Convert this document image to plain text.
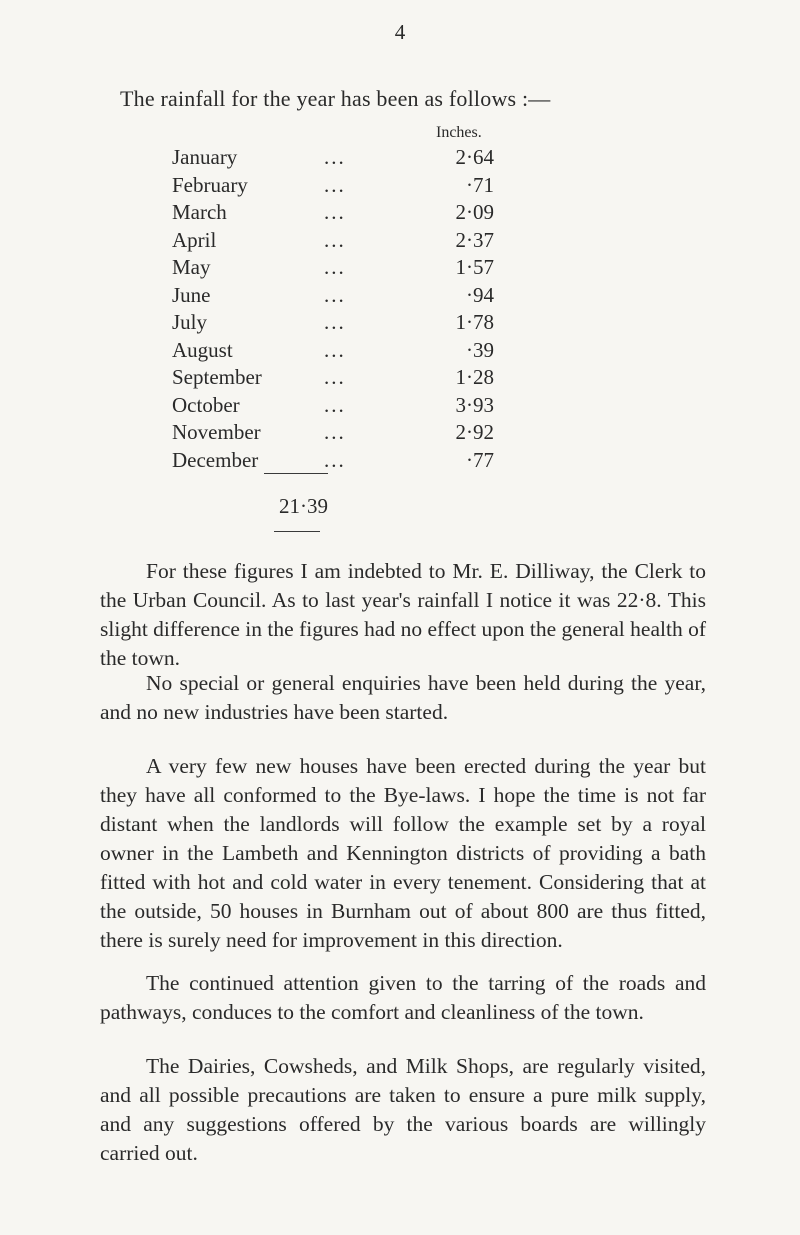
4
The rainfall for the year has been as follows :—
Inches.
January	...	2·64
February	...	·71
March	...	2·09
April	...	2·37
May	...	1·57
June	...	·94
July	...	1·78
August	...	·39
September	...	1·28
October	...	3·93
November	...	2·92
December	...	·77
21·39

For these figures I am indebted to Mr. E. Dilliway, the Clerk to the Urban Council. As to last year's rainfall I notice it was 22·8. This slight difference in the figures had no effect upon the general health of the town.

No special or general enquiries have been held during the year, and no new industries have been started.

A very few new houses have been erected during the year but they have all conformed to the Bye-laws. I hope the time is not far distant when the landlords will follow the example set by a royal owner in the Lambeth and Kennington districts of providing a bath fitted with hot and cold water in every tenement. Considering that at the outside, 50 houses in Burnham out of about 800 are thus fitted, there is surely need for improvement in this direction.

The continued attention given to the tarring of the roads and pathways, conduces to the comfort and cleanliness of the town.

The Dairies, Cowsheds, and Milk Shops, are regularly visited, and all possible precautions are taken to ensure a pure milk supply, and any suggestions offered by the various boards are willingly carried out.
